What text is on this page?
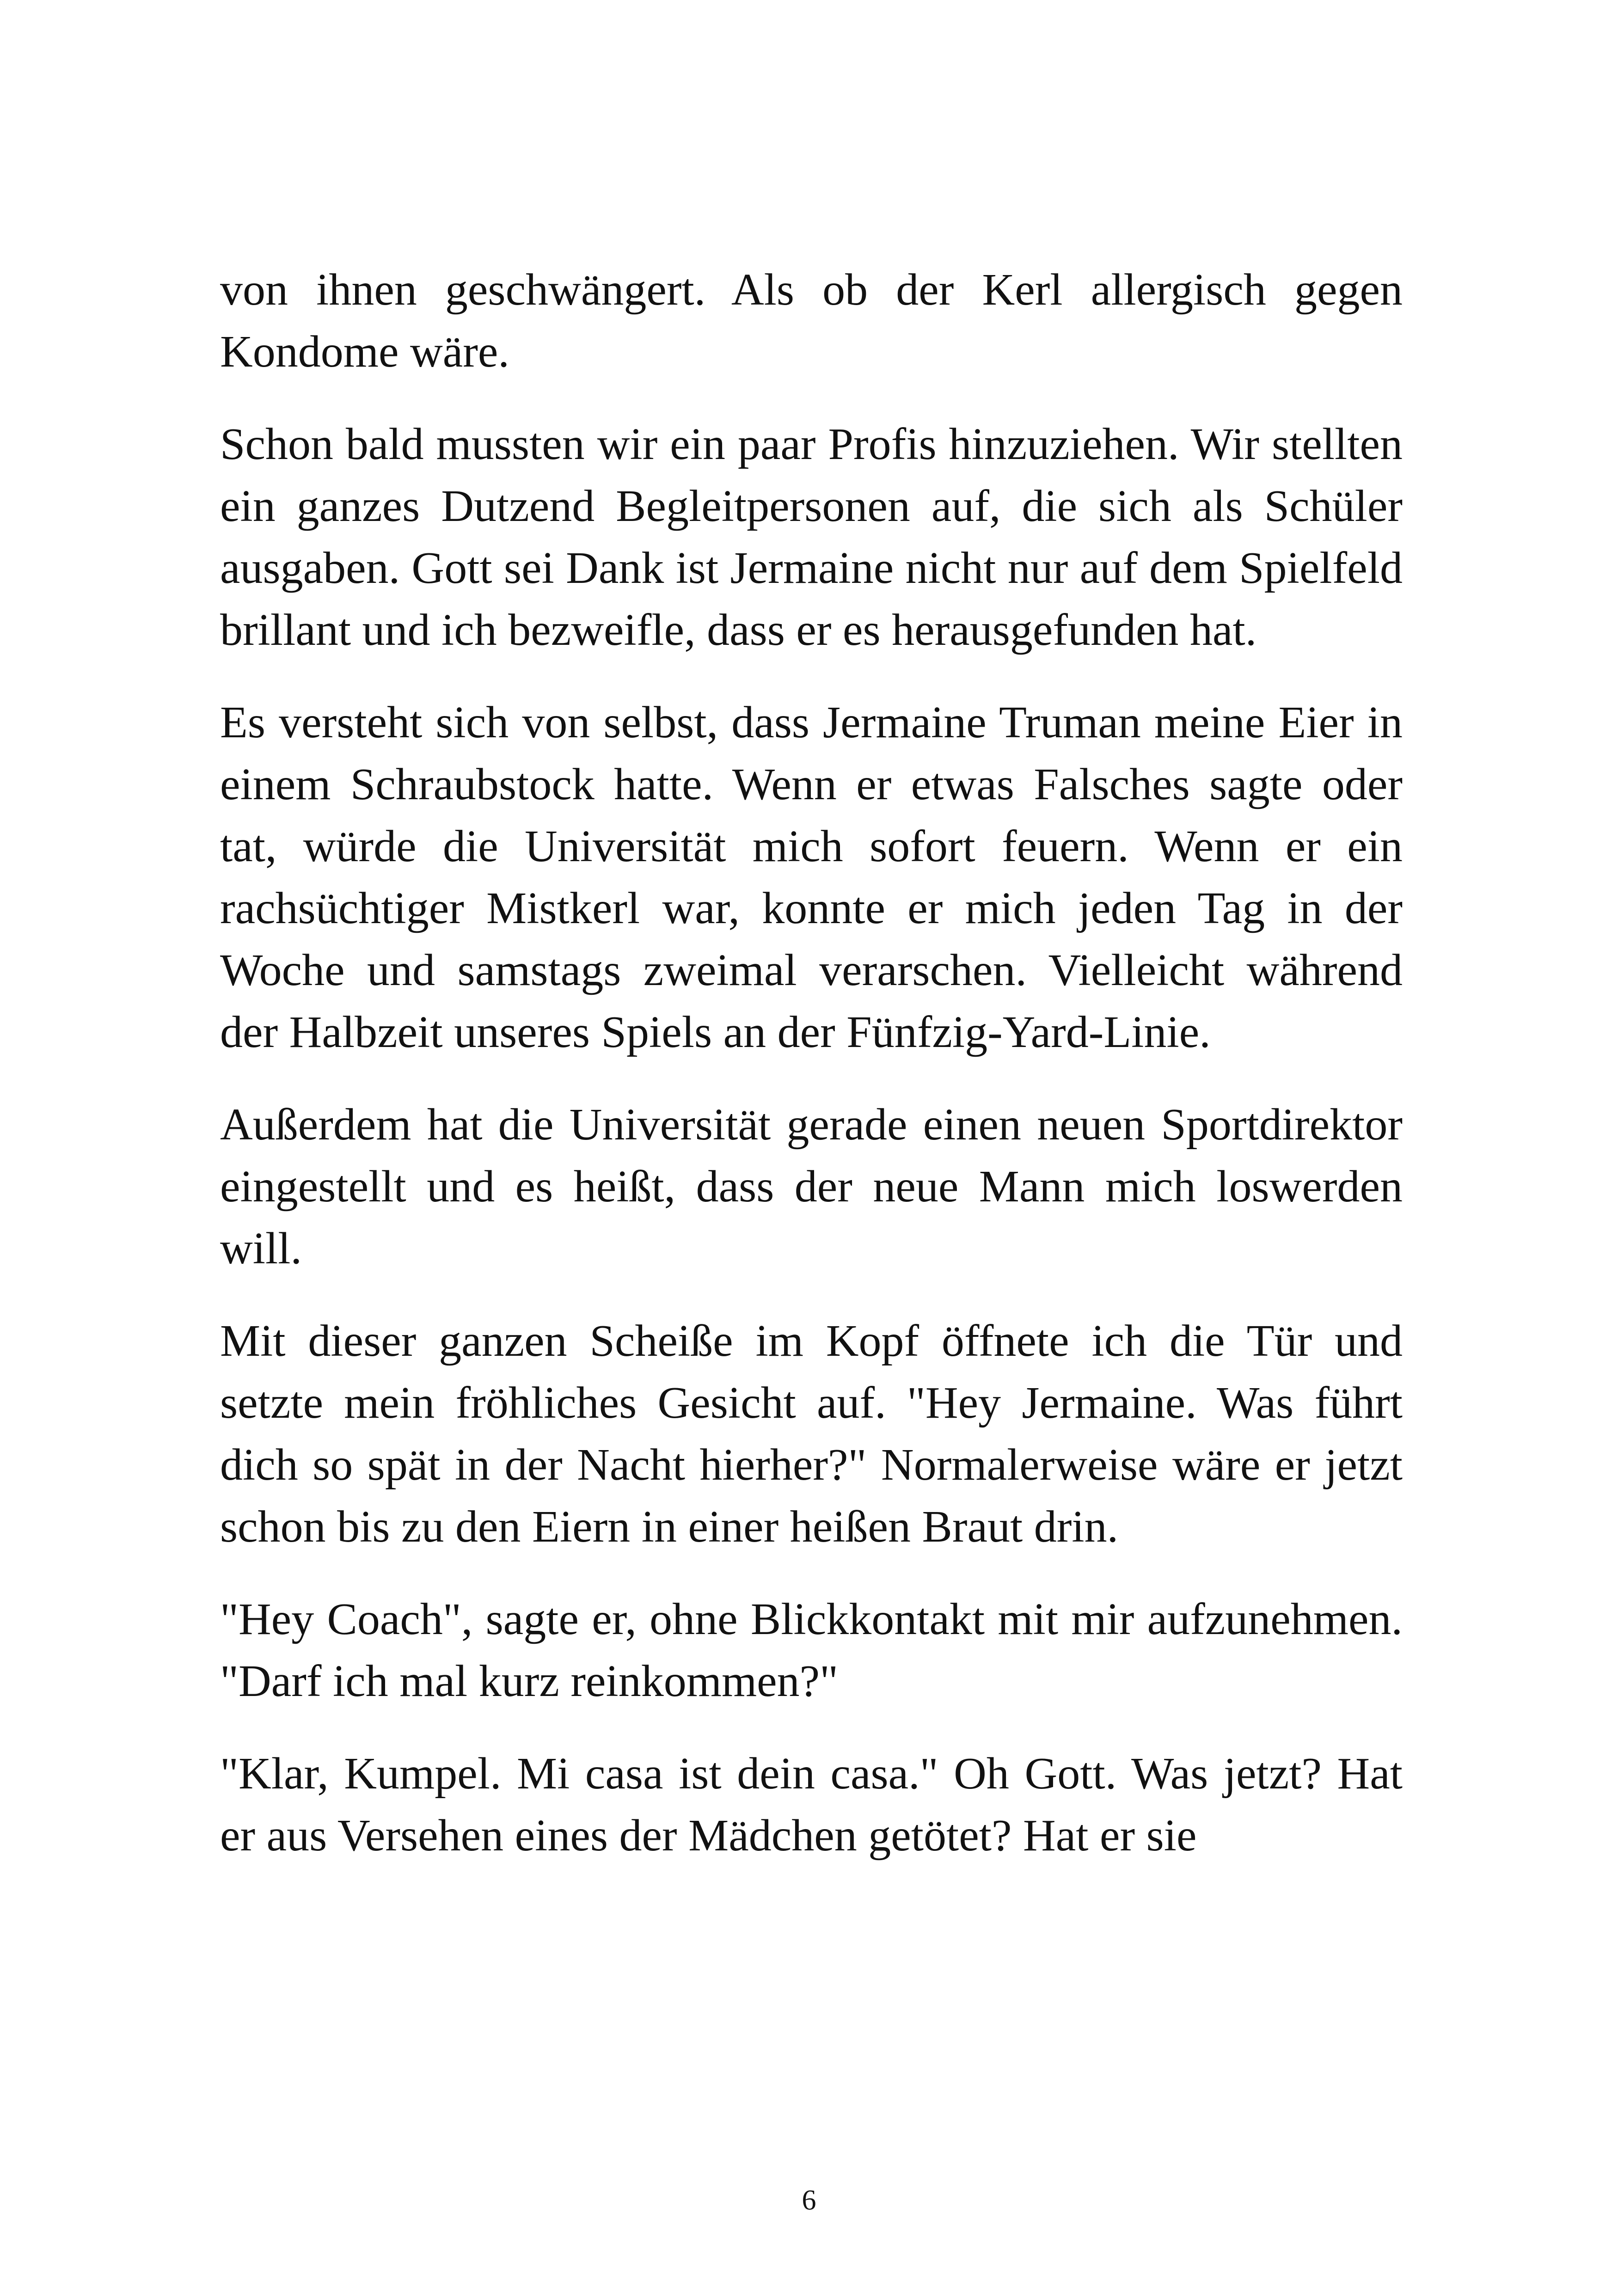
von ihnen geschwängert. Als ob der Kerl allergisch gegen Kondome wäre.

Schon bald mussten wir ein paar Profis hinzuziehen. Wir stellten ein ganzes Dutzend Begleitpersonen auf, die sich als Schüler ausgaben. Gott sei Dank ist Jermaine nicht nur auf dem Spielfeld brillant und ich bezweifle, dass er es herausgefunden hat.

Es versteht sich von selbst, dass Jermaine Truman meine Eier in einem Schraubstock hatte. Wenn er etwas Falsches sagte oder tat, würde die Universität mich sofort feuern. Wenn er ein rachsüchtiger Mistkerl war, konnte er mich jeden Tag in der Woche und samstags zweimal verarschen. Vielleicht während der Halbzeit unseres Spiels an der Fünfzig-Yard-Linie.

Außerdem hat die Universität gerade einen neuen Sportdirektor eingestellt und es heißt, dass der neue Mann mich loswerden will.

Mit dieser ganzen Scheiße im Kopf öffnete ich die Tür und setzte mein fröhliches Gesicht auf. "Hey Jermaine. Was führt dich so spät in der Nacht hierher?" Normalerweise wäre er jetzt schon bis zu den Eiern in einer heißen Braut drin.

"Hey Coach", sagte er, ohne Blickkontakt mit mir aufzunehmen. "Darf ich mal kurz reinkommen?"

"Klar, Kumpel. Mi casa ist dein casa." Oh Gott. Was jetzt? Hat er aus Versehen eines der Mädchen getötet? Hat er sie

6
